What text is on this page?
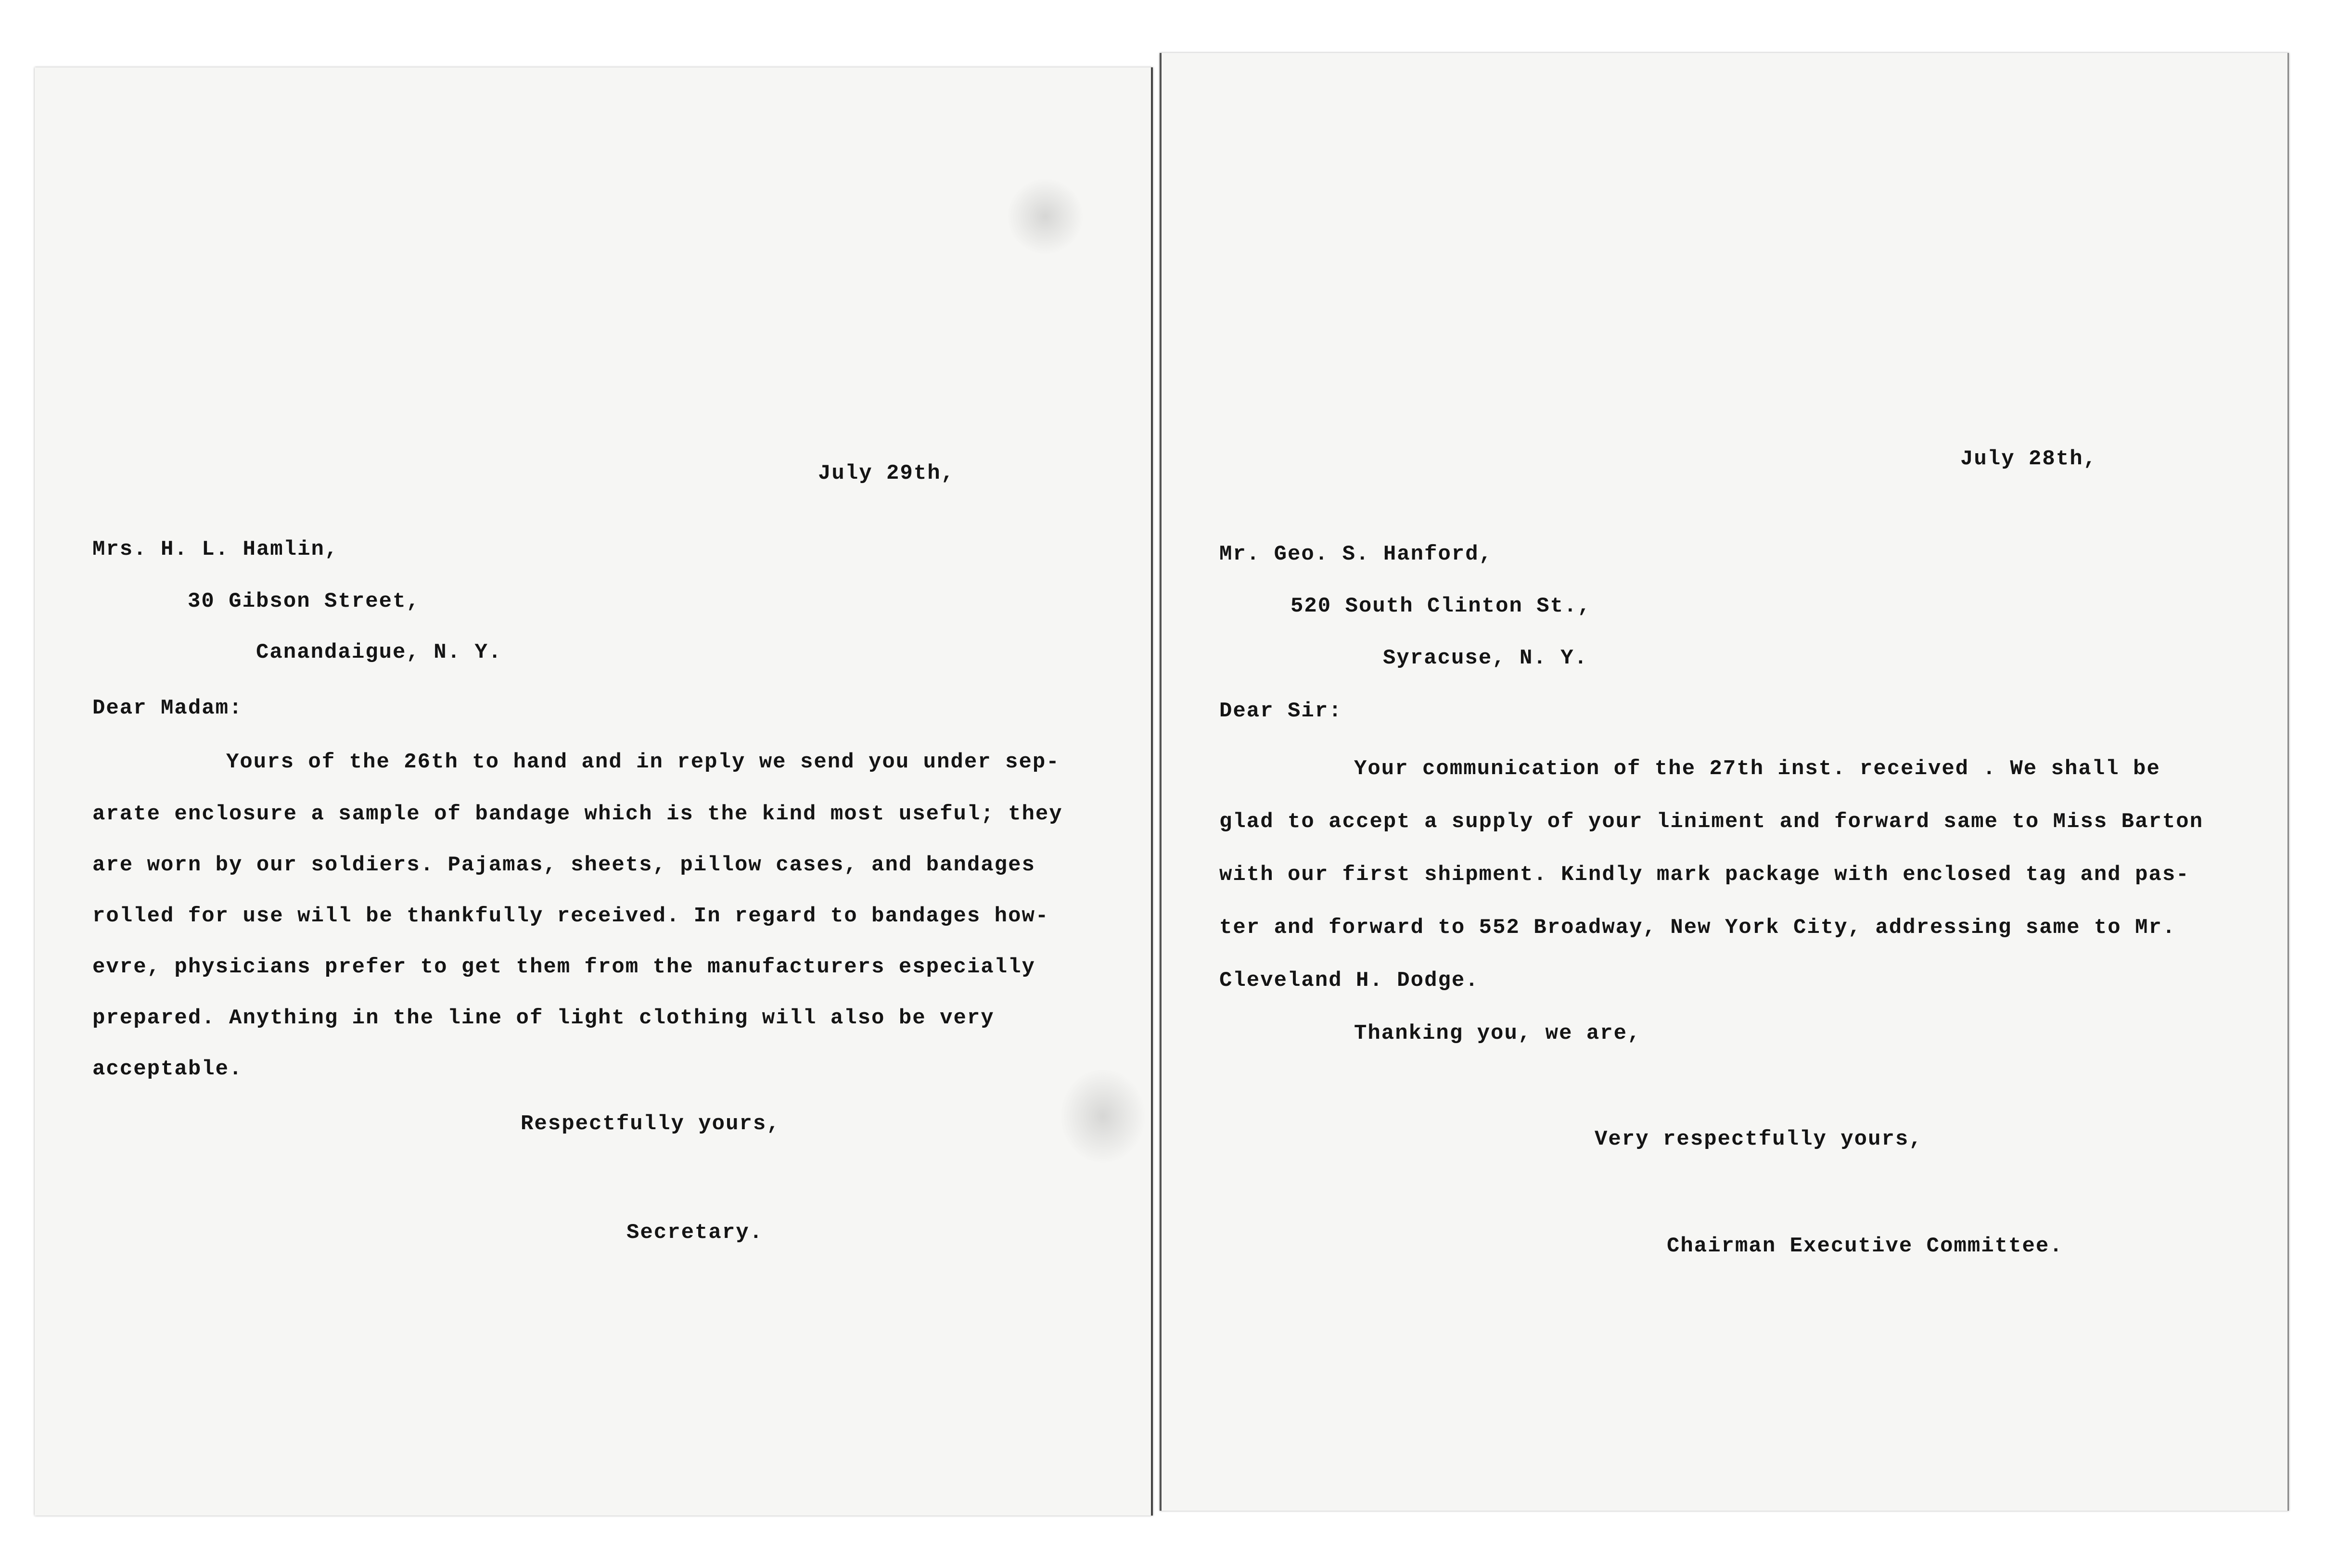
July 29th,
Mrs. H. L. Hamlin,
30 Gibson Street,
Canandaigue, N. Y.
Dear Madam:
Yours of the 26th to hand and in reply we send you under sep-
arate enclosure a sample of bandage which is the kind most useful; they
are worn by our soldiers. Pajamas, sheets, pillow cases, and bandages
rolled for use will be thankfully received. In regard to bandages how-
evre, physicians prefer to get them from the manufacturers especially
prepared. Anything in the line of light clothing will also be very
acceptable.
Respectfully yours,
Secretary.
July 28th,
Mr. Geo. S. Hanford,
520 South Clinton St.,
Syracuse, N. Y.
Dear Sir:
Your communication of the 27th inst. received . We shall be
glad to accept a supply of your liniment and forward same to Miss Barton
with our first shipment. Kindly mark package with enclosed tag and pas-
ter and forward to 552 Broadway, New York City, addressing same to Mr.
Cleveland H. Dodge.
Thanking you, we are,
Very respectfully yours,
Chairman Executive Committee.
